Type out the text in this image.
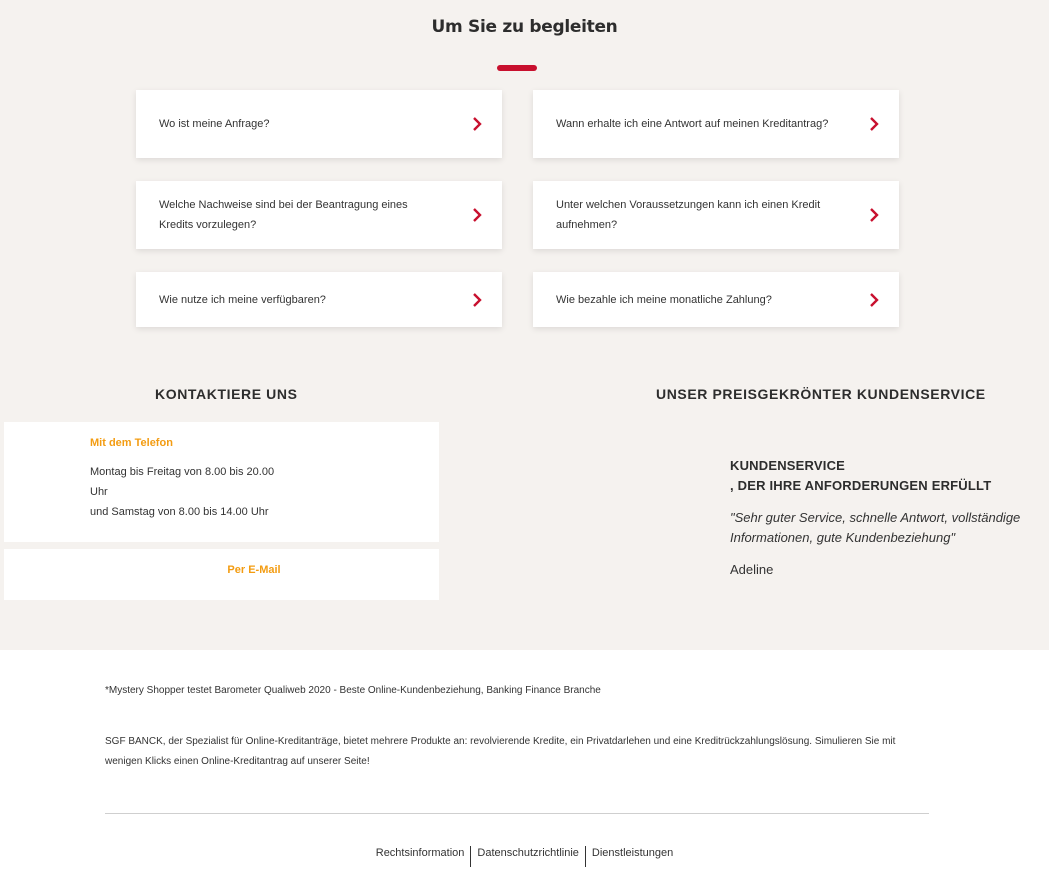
Um Sie zu begleiten
Wo ist meine Anfrage?	Wann erhalte ich eine Antwort auf meinen Kreditantrag?
Welche Nachweise sind bei der Beantragung eines Kredits vorzulegen?
Unter welchen Voraussetzungen kann ich einen Kredit aufnehmen?
Wie nutze ich meine verfügbaren?	Wie bezahle ich meine monatliche Zahlung?
KONTAKTIERE UNS
Mit dem Telefon
Montag bis Freitag von 8.00 bis 20.00
Uhr
und Samstag von 8.00 bis 14.00 Uhr
Per E-Mail
UNSER PREISGEKRÖNTER KUNDENSERVICE
KUNDENSERVICE
, DER IHRE ANFORDERUNGEN ERFÜLLT
"Sehr guter Service, schnelle Antwort, vollständige Informationen, gute Kundenbeziehung"
Adeline

*Mystery Shopper testet Barometer Qualiweb 2020 - Beste Online-Kundenbeziehung, Banking Finance Branche

SGF BANCK, der Spezialist für Online-Kreditanträge, bietet mehrere Produkte an: revolvierende Kredite, ein Privatdarlehen und eine Kreditrückzahlungslösung. Simulieren Sie mit wenigen Klicks einen Online-Kreditantrag auf unserer Seite!

Rechtsinformation Datenschutzrichtlinie Dienstleistungen
